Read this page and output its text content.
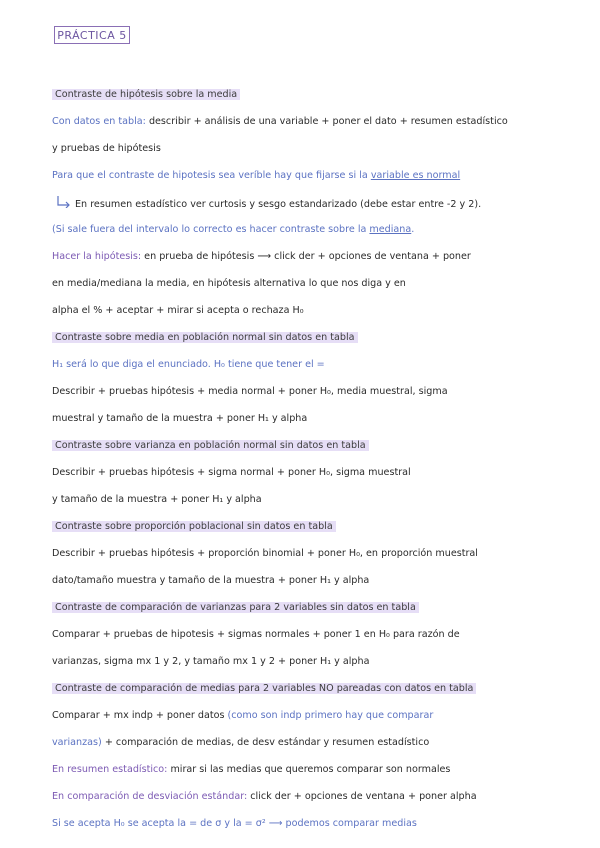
PRÁCTICA 5
Contraste de hipótesis sobre la media
Con datos en tabla: describir + análisis de una variable + poner el dato + resumen estadístico
y pruebas de hipótesis
Para que el contraste de hipotesis sea veríble hay que fijarse si la variable es normal
En resumen estadístico ver curtosis y sesgo estandarizado (debe estar entre -2 y 2).
(Si sale fuera del intervalo lo correcto es hacer contraste sobre la mediana.
Hacer la hipótesis: en prueba de hipótesis ⟶ click der + opciones de ventana + poner
en media/mediana la media, en hipótesis alternativa lo que nos diga y en
alpha el % + aceptar + mirar si acepta o rechaza H₀
Contraste sobre media en población normal sin datos en tabla
H₁ será lo que diga el enunciado. H₀ tiene que tener el =
Describir + pruebas hipótesis + media normal + poner H₀, media muestral, sigma
muestral y tamaño de la muestra + poner H₁ y alpha
Contraste sobre varianza en población normal sin datos en tabla
Describir + pruebas hipótesis + sigma normal + poner H₀, sigma muestral
y tamaño de la muestra + poner H₁ y alpha
Contraste sobre proporción poblacional sin datos en tabla
Describir + pruebas hipótesis + proporción binomial + poner H₀, en proporción muestral
dato/tamaño muestra y tamaño de la muestra + poner H₁ y alpha
Contraste de comparación de varianzas para 2 variables sin datos en tabla
Comparar + pruebas de hipotesis + sigmas normales + poner 1 en H₀ para razón de
varianzas, sigma mx 1 y 2, y tamaño mx 1 y 2 + poner H₁ y alpha
Contraste de comparación de medias para 2 variables NO pareadas con datos en tabla
Comparar + mx indp + poner datos (como son indp primero hay que comparar
varianzas) + comparación de medias, de desv estándar y resumen estadístico
En resumen estadístico: mirar si las medias que queremos comparar son normales
En comparación de desviación estándar: click der + opciones de ventana + poner alpha
Si se acepta H₀ se acepta la = de σ y la = σ² ⟶ podemos comparar medias
